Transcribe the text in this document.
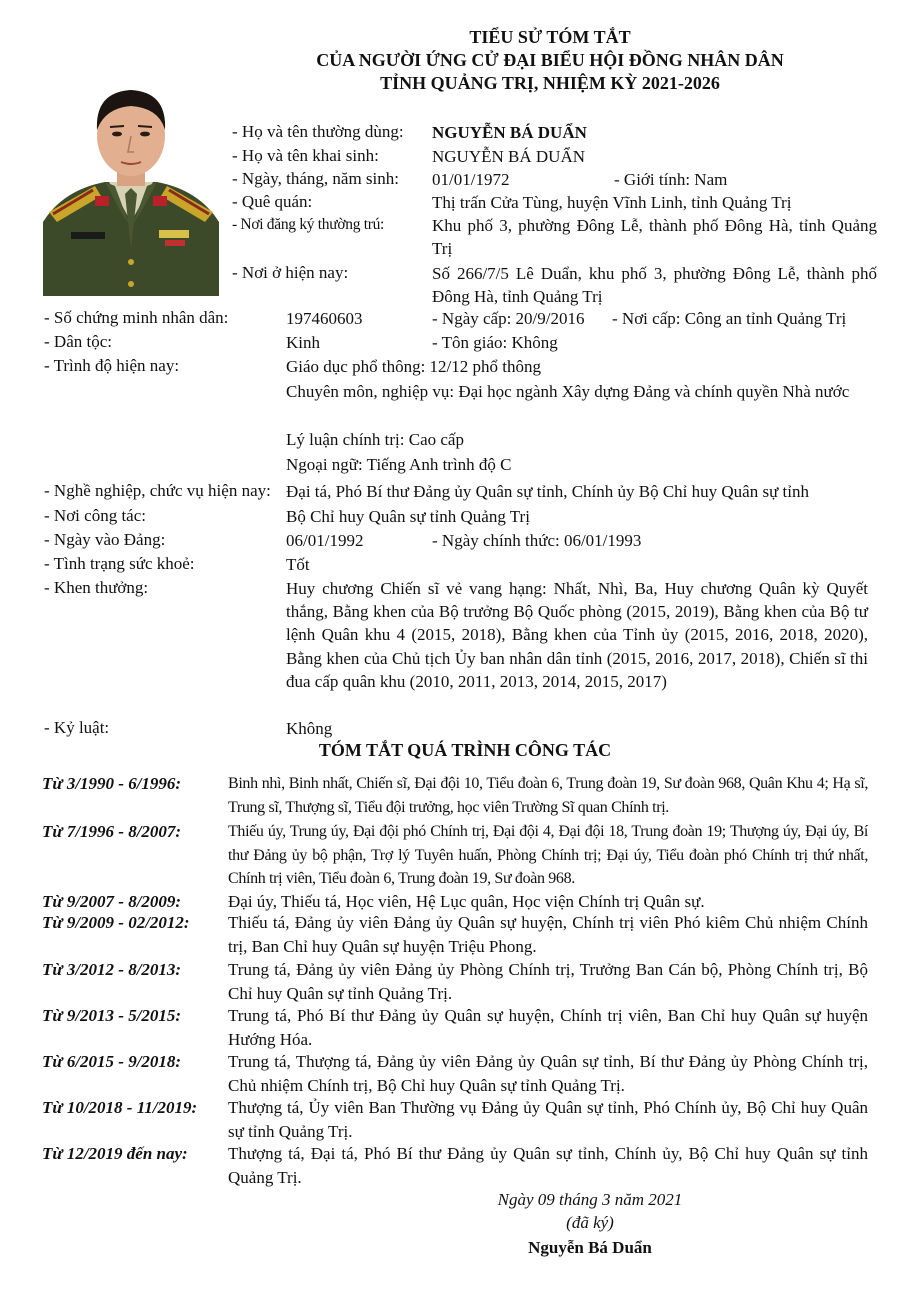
TIỂU SỬ TÓM TẮT
CỦA NGƯỜI ỨNG CỬ ĐẠI BIỂU HỘI ĐỒNG NHÂN DÂN
TỈNH QUẢNG TRỊ, NHIỆM KỲ 2021-2026
- Họ và tên thường dùng: NGUYỄN BÁ DUẨN
- Họ và tên khai sinh:	NGUYỄN BÁ DUẨN
- Ngày, tháng, năm sinh: 01/01/1972	- Giới tính: Nam
- Quê quán:	Thị trấn Cửa Tùng, huyện Vĩnh Linh, tỉnh Quảng Trị
- Nơi đăng ký thường trú:	Khu phố 3, phường Đông Lễ, thành phố Đông Hà, tỉnh Quảng Trị
- Nơi ở hiện nay:	Số 266/7/5 Lê Duẩn, khu phố 3, phường Đông Lễ, thành phố Đông Hà, tỉnh Quảng Trị
- Số chứng minh nhân dân:	197460603	- Ngày cấp: 20/9/2016 - Nơi cấp: Công an tỉnh Quảng Trị
- Dân tộc:	Kinh	- Tôn giáo: Không
- Trình độ hiện nay:	Giáo dục phổ thông: 12/12 phổ thông
Chuyên môn, nghiệp vụ: Đại học ngành Xây dựng Đảng và chính quyền Nhà nước
Lý luận chính trị: Cao cấp
Ngoại ngữ: Tiếng Anh trình độ C
- Nghề nghiệp, chức vụ hiện nay: Đại tá, Phó Bí thư Đảng ủy Quân sự tỉnh, Chính ủy Bộ Chỉ huy Quân sự tỉnh
- Nơi công tác:	Bộ Chỉ huy Quân sự tỉnh Quảng Trị
- Ngày vào Đảng:	06/01/1992	- Ngày chính thức: 06/01/1993
- Tình trạng sức khoẻ:	Tốt
- Khen thưởng:	Huy chương Chiến sĩ vẻ vang hạng: Nhất, Nhì, Ba, Huy chương Quân kỳ Quyết thắng, Bằng khen của Bộ trưởng Bộ Quốc phòng (2015, 2019), Bằng khen của Bộ tư lệnh Quân khu 4 (2015, 2018), Bằng khen của Tỉnh ủy (2015, 2016, 2018, 2020), Bằng khen của Chủ tịch Ủy ban nhân dân tỉnh (2015, 2016, 2017, 2018), Chiến sĩ thi đua cấp quân khu (2010, 2011, 2013, 2014, 2015, 2017)
- Kỷ luật:	Không
TÓM TẮT QUÁ TRÌNH CÔNG TÁC
Từ 3/1990 - 6/1996:	Binh nhì, Binh nhất, Chiến sĩ, Đại đội 10, Tiểu đoàn 6, Trung đoàn 19, Sư đoàn 968, Quân Khu 4; Hạ sĩ, Trung sĩ, Thượng sĩ, Tiểu đội trưởng, học viên Trường Sĩ quan Chính trị.
Từ 7/1996 - 8/2007:	Thiếu úy, Trung úy, Đại đội phó Chính trị, Đại đội 4, Đại đội 18, Trung đoàn 19; Thượng úy, Đại úy, Bí thư Đảng ủy bộ phận, Trợ lý Tuyên huấn, Phòng Chính trị; Đại úy, Tiểu đoàn phó Chính trị thứ nhất, Chính trị viên, Tiểu đoàn 6, Trung đoàn 19, Sư đoàn 968.
Từ 9/2007 - 8/2009:	Đại úy, Thiếu tá, Học viên, Hệ Lục quân, Học viện Chính trị Quân sự.
Từ 9/2009 - 02/2012: Thiếu tá, Đảng ủy viên Đảng ủy Quân sự huyện, Chính trị viên Phó kiêm Chủ nhiệm Chính trị, Ban Chỉ huy Quân sự huyện Triệu Phong.
Từ 3/2012 - 8/2013:	Trung tá, Đảng ủy viên Đảng ủy Phòng Chính trị, Trưởng Ban Cán bộ, Phòng Chính trị, Bộ Chỉ huy Quân sự tỉnh Quảng Trị.
Từ 9/2013 - 5/2015:	Trung tá, Phó Bí thư Đảng ủy Quân sự huyện, Chính trị viên, Ban Chỉ huy Quân sự huyện Hướng Hóa.
Từ 6/2015 - 9/2018:	Trung tá, Thượng tá, Đảng ủy viên Đảng ủy Quân sự tỉnh, Bí thư Đảng ủy Phòng Chính trị, Chủ nhiệm Chính trị, Bộ Chỉ huy Quân sự tỉnh Quảng Trị.
Từ 10/2018 - 11/2019: Thượng tá, Ủy viên Ban Thường vụ Đảng ủy Quân sự tỉnh, Phó Chính ủy, Bộ Chỉ huy Quân sự tỉnh Quảng Trị.
Từ 12/2019 đến nay: Thượng tá, Đại tá, Phó Bí thư Đảng ủy Quân sự tỉnh, Chính ủy, Bộ Chỉ huy Quân sự tỉnh Quảng Trị.
Ngày 09 tháng 3 năm 2021
(đã ký)
Nguyễn Bá Duẩn
